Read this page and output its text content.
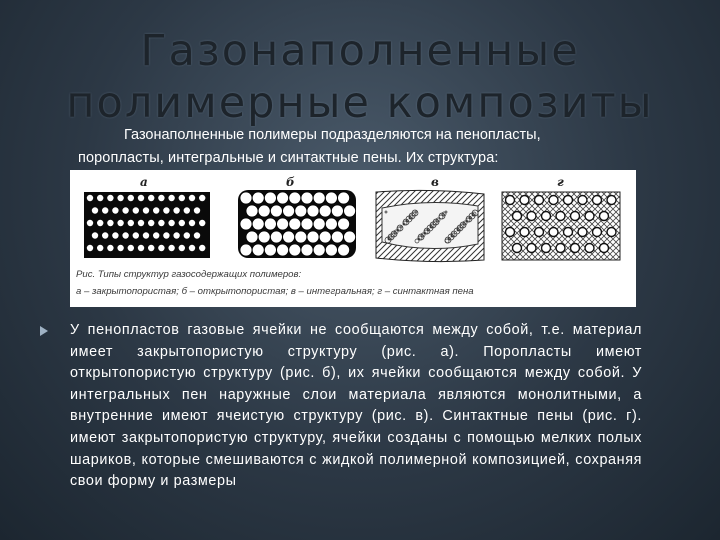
Газонаполненные
полимерные композиты
Газонаполненные полимеры подразделяются на пенопласты,
поропласты, интегральные и синтактные пены. Их структура:
а	б	в	г
Рис. Типы структур газосодержащих полимеров:
а – закрытопористая; б – открытопористая; в – интегральная; г – синтактная пена
У пенопластов газовые ячейки не сообщаются между собой, т.е. материал имеет закрытопористую структуру (рис. а). Поропласты имеют открытопористую структуру (рис. б), их ячейки сообщаются между собой. У интегральных пен наружные слои материала являются монолитными, а внутренние имеют ячеистую структуру (рис. в). Синтактные пены (рис. г). имеют закрытопористую структуру, ячейки созданы с помощью мелких полых шариков, которые смешиваются с жидкой полимерной композицией, сохраняя свои форму и размеры
